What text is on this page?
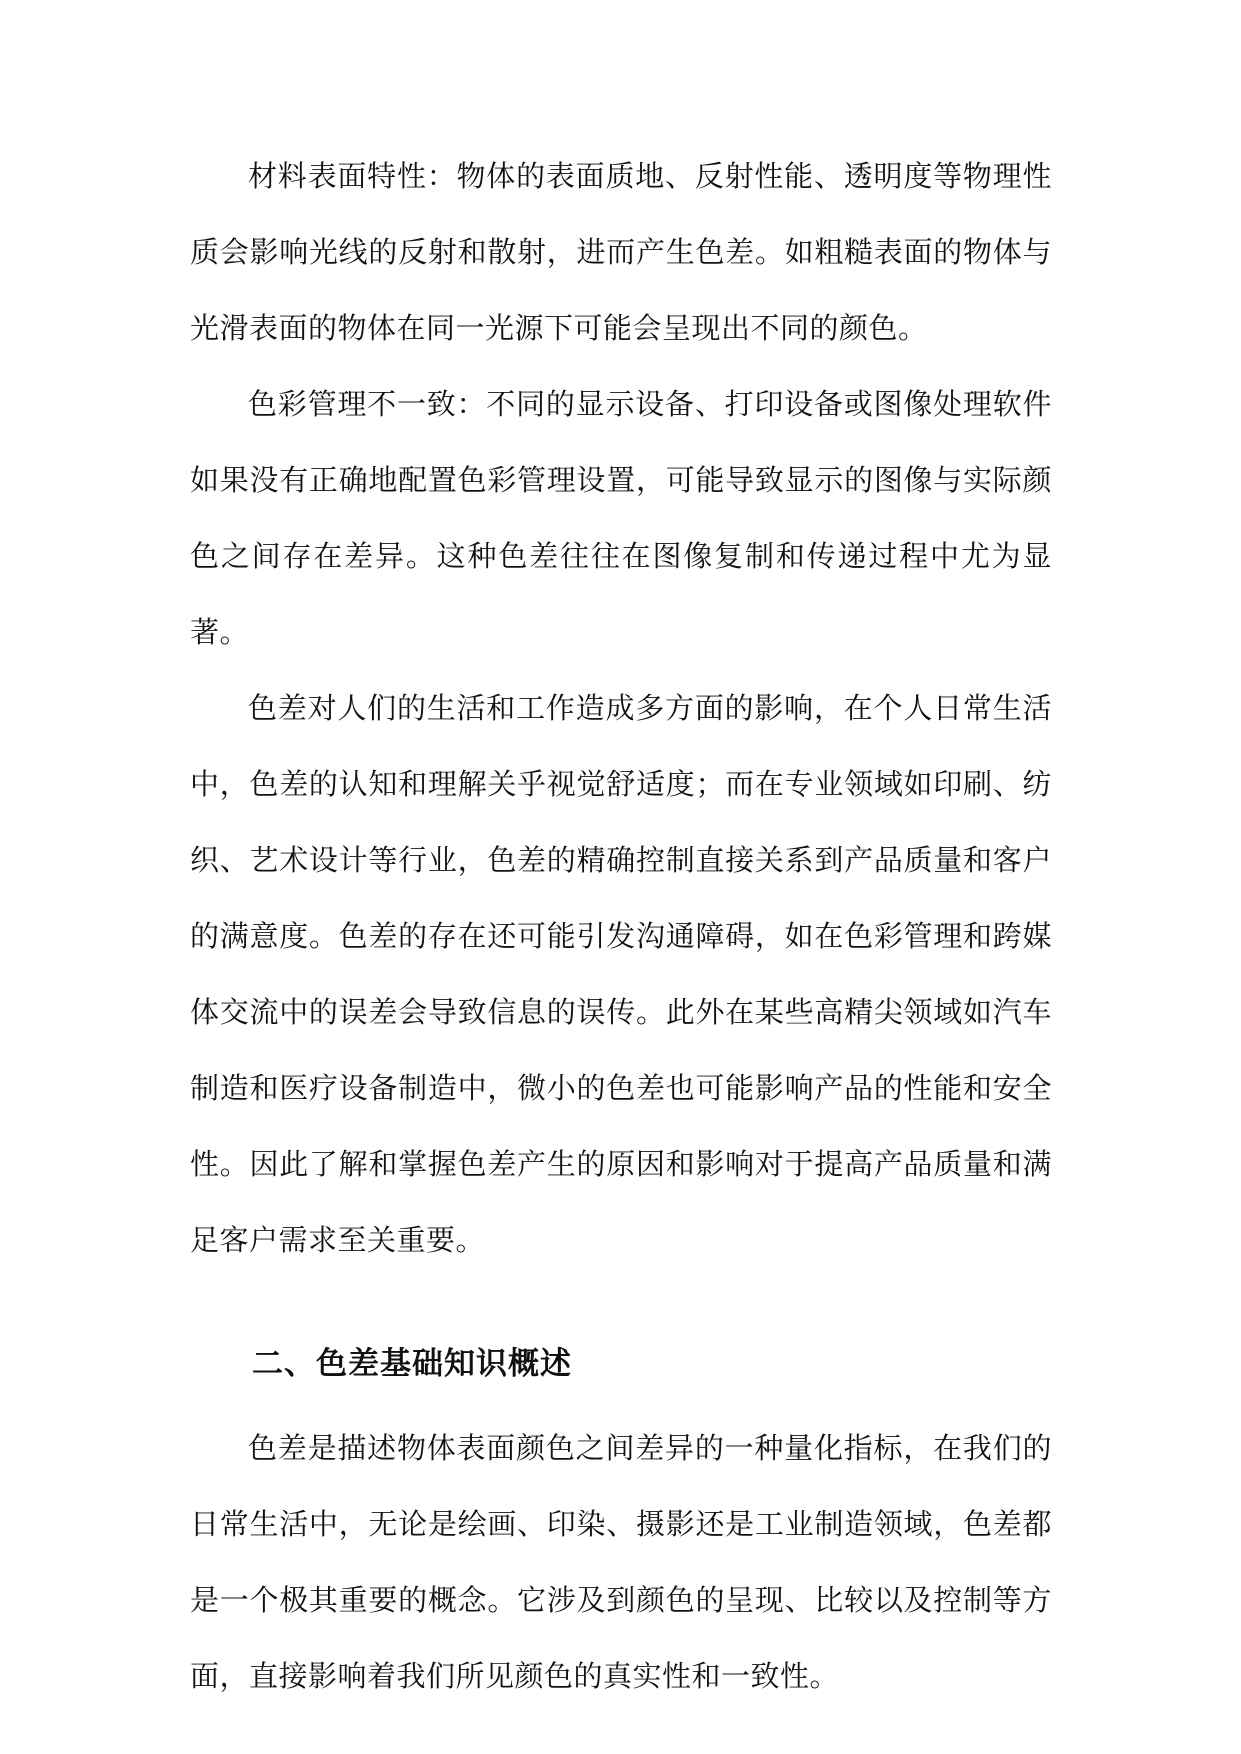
材料表面特性：物体的表面质地、反射性能、透明度等物理性质会影响光线的反射和散射，进而产生色差。如粗糙表面的物体与光滑表面的物体在同一光源下可能会呈现出不同的颜色。

色彩管理不一致：不同的显示设备、打印设备或图像处理软件如果没有正确地配置色彩管理设置，可能导致显示的图像与实际颜色之间存在差异。这种色差往往在图像复制和传递过程中尤为显著。

色差对人们的生活和工作造成多方面的影响，在个人日常生活中，色差的认知和理解关乎视觉舒适度；而在专业领域如印刷、纺织、艺术设计等行业，色差的精确控制直接关系到产品质量和客户的满意度。色差的存在还可能引发沟通障碍，如在色彩管理和跨媒体交流中的误差会导致信息的误传。此外在某些高精尖领域如汽车制造和医疗设备制造中，微小的色差也可能影响产品的性能和安全性。因此了解和掌握色差产生的原因和影响对于提高产品质量和满足客户需求至关重要。

二、色差基础知识概述

色差是描述物体表面颜色之间差异的一种量化指标，在我们的日常生活中，无论是绘画、印染、摄影还是工业制造领域，色差都是一个极其重要的概念。它涉及到颜色的呈现、比较以及控制等方面，直接影响着我们所见颜色的真实性和一致性。
